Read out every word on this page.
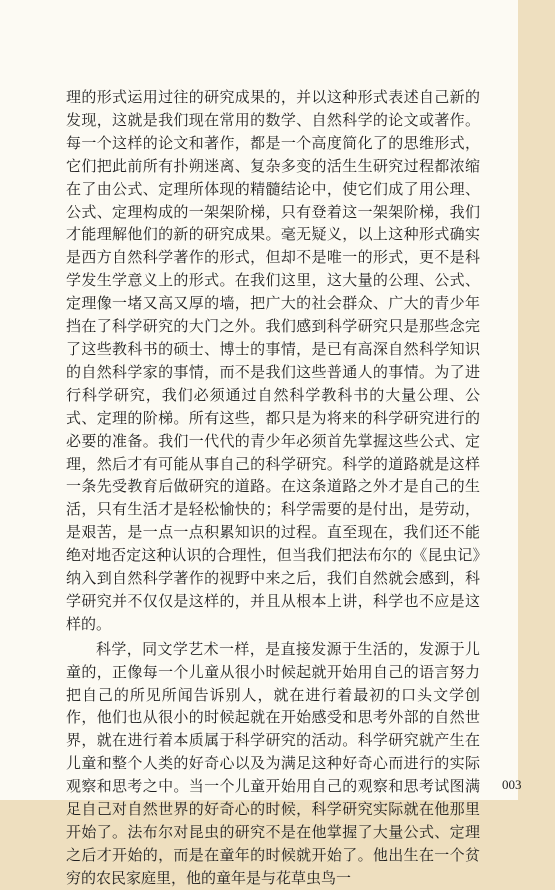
理的形式运用过往的研究成果的，并以这种形式表述自己新的发现，这就是我们现在常用的数学、自然科学的论文或著作。每一个这样的论文和著作，都是一个高度简化了的思维形式，它们把此前所有扑朔迷离、复杂多变的活生生研究过程都浓缩在了由公式、定理所体现的精髓结论中，使它们成了用公理、公式、定理构成的一架架阶梯，只有登着这一架架阶梯，我们才能理解他们的新的研究成果。毫无疑义，以上这种形式确实是西方自然科学著作的形式，但却不是唯一的形式，更不是科学发生学意义上的形式。在我们这里，这大量的公理、公式、定理像一堵又高又厚的墙，把广大的社会群众、广大的青少年挡在了科学研究的大门之外。我们感到科学研究只是那些念完了这些教科书的硕士、博士的事情，是已有高深自然科学知识的自然科学家的事情，而不是我们这些普通人的事情。为了进行科学研究，我们必须通过自然科学教科书的大量公理、公式、定理的阶梯。所有这些，都只是为将来的科学研究进行的必要的准备。我们一代代的青少年必须首先掌握这些公式、定理，然后才有可能从事自己的科学研究。科学的道路就是这样一条先受教育后做研究的道路。在这条道路之外才是自己的生活，只有生活才是轻松愉快的；科学需要的是付出，是劳动，是艰苦，是一点一点积累知识的过程。直至现在，我们还不能绝对地否定这种认识的合理性，但当我们把法布尔的《昆虫记》纳入到自然科学著作的视野中来之后，我们自然就会感到，科学研究并不仅仅是这样的，并且从根本上讲，科学也不应是这样的。

科学，同文学艺术一样，是直接发源于生活的，发源于儿童的，正像每一个儿童从很小时候起就开始用自己的语言努力把自己的所见所闻告诉别人，就在进行着最初的口头文学创作，他们也从很小的时候起就在开始感受和思考外部的自然世界，就在进行着本质属于科学研究的活动。科学研究就产生在儿童和整个人类的好奇心以及为满足这种好奇心而进行的实际观察和思考之中。当一个儿童开始用自己的观察和思考试图满足自己对自然世界的好奇心的时候，科学研究实际就在他那里开始了。法布尔对昆虫的研究不是在他掌握了大量公式、定理之后才开始的，而是在童年的时候就开始了。他出生在一个贫穷的农民家庭里，他的童年是与花草虫鸟一

003
